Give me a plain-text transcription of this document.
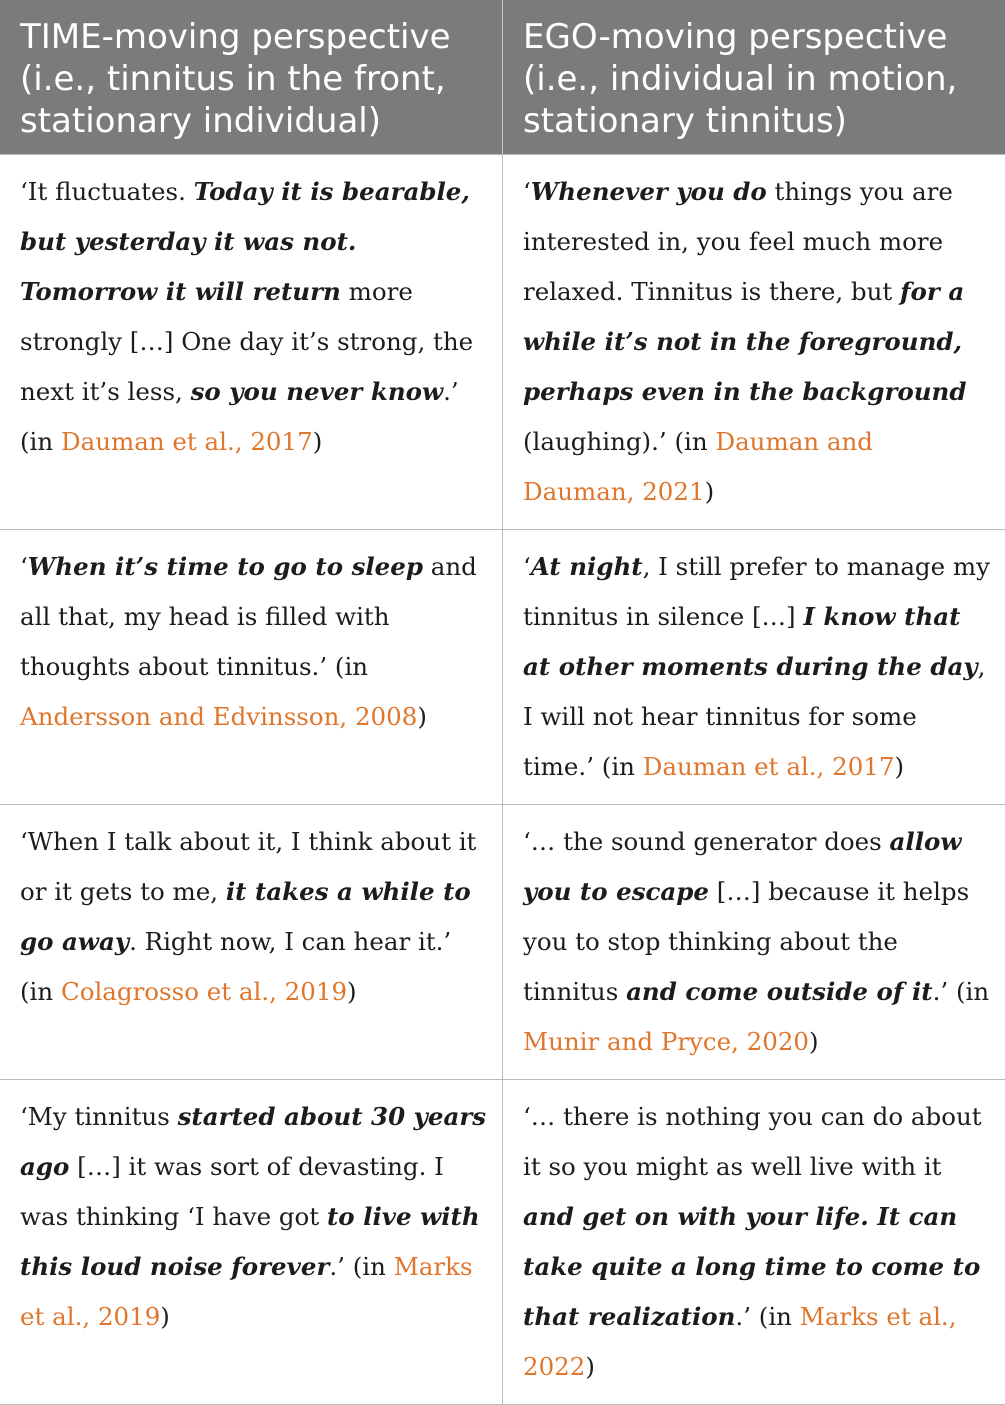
TIME-moving perspective (i.e., tinnitus in the front, stationary individual)	EGO-moving perspective (i.e., individual in motion, stationary tinnitus)
‘It fluctuates. Today it is bearable, but yesterday it was not. Tomorrow it will return more strongly […] One day it’s strong, the next it’s less, so you never know.’ (in Dauman et al., 2017)	‘Whenever you do things you are interested in, you feel much more relaxed. Tinnitus is there, but for a while it’s not in the foreground, perhaps even in the background (laughing).’ (in Dauman and Dauman, 2021)
‘When it’s time to go to sleep and all that, my head is filled with thoughts about tinnitus.’ (in Andersson and Edvinsson, 2008)	‘At night, I still prefer to manage my tinnitus in silence […] I know that at other moments during the day, I will not hear tinnitus for some time.’ (in Dauman et al., 2017)
‘When I talk about it, I think about it or it gets to me, it takes a while to go away. Right now, I can hear it.’ (in Colagrosso et al., 2019)	‘… the sound generator does allow you to escape […] because it helps you to stop thinking about the tinnitus and come outside of it.’ (in Munir and Pryce, 2020)
‘My tinnitus started about 30 years ago […] it was sort of devasting. I was thinking ‘I have got to live with this loud noise forever.’ (in Marks et al., 2019)	‘… there is nothing you can do about it so you might as well live with it and get on with your life. It can take quite a long time to come to that realization.’ (in Marks et al., 2022)
